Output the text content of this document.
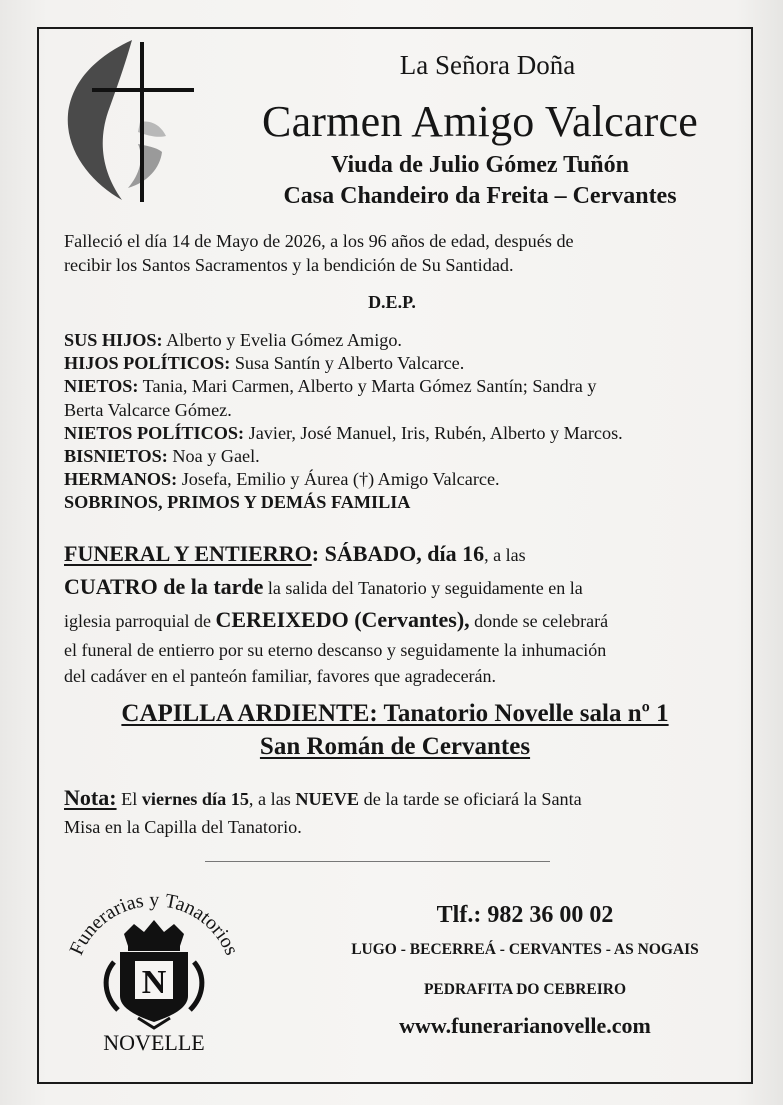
La Señora Doña
Carmen Amigo Valcarce
Viuda de Julio Gómez Tuñón
Casa Chandeiro da Freita – Cervantes
Falleció el día 14 de Mayo de 2026, a los 96 años de edad, después de
recibir los Santos Sacramentos y la bendición de Su Santidad.
D.E.P.
SUS HIJOS: Alberto y Evelia Gómez Amigo.
HIJOS POLÍTICOS: Susa Santín y Alberto Valcarce.
NIETOS: Tania, Mari Carmen, Alberto y Marta Gómez Santín; Sandra y
Berta Valcarce Gómez.
NIETOS POLÍTICOS: Javier, José Manuel, Iris, Rubén, Alberto y Marcos.
BISNIETOS: Noa y Gael.
HERMANOS: Josefa, Emilio y Áurea (†) Amigo Valcarce.
SOBRINOS, PRIMOS Y DEMÁS FAMILIA
FUNERAL Y ENTIERRO: SÁBADO, día 16, a las
CUATRO de la tarde la salida del Tanatorio y seguidamente en la
iglesia parroquial de CEREIXEDO (Cervantes), donde se celebrará
el funeral de entierro por su eterno descanso y seguidamente la inhumación
del cadáver en el panteón familiar, favores que agradecerán.
CAPILLA ARDIENTE: Tanatorio Novelle sala nº 1
San Román de Cervantes
Nota: El viernes día 15, a las NUEVE de la tarde se oficiará la Santa
Misa en la Capilla del Tanatorio.
Funerarias y Tanatorios
N
NOVELLE
Tlf.: 982 36 00 02
LUGO - BECERREÁ - CERVANTES - AS NOGAIS
PEDRAFITA DO CEBREIRO
www.funerarianovelle.com
